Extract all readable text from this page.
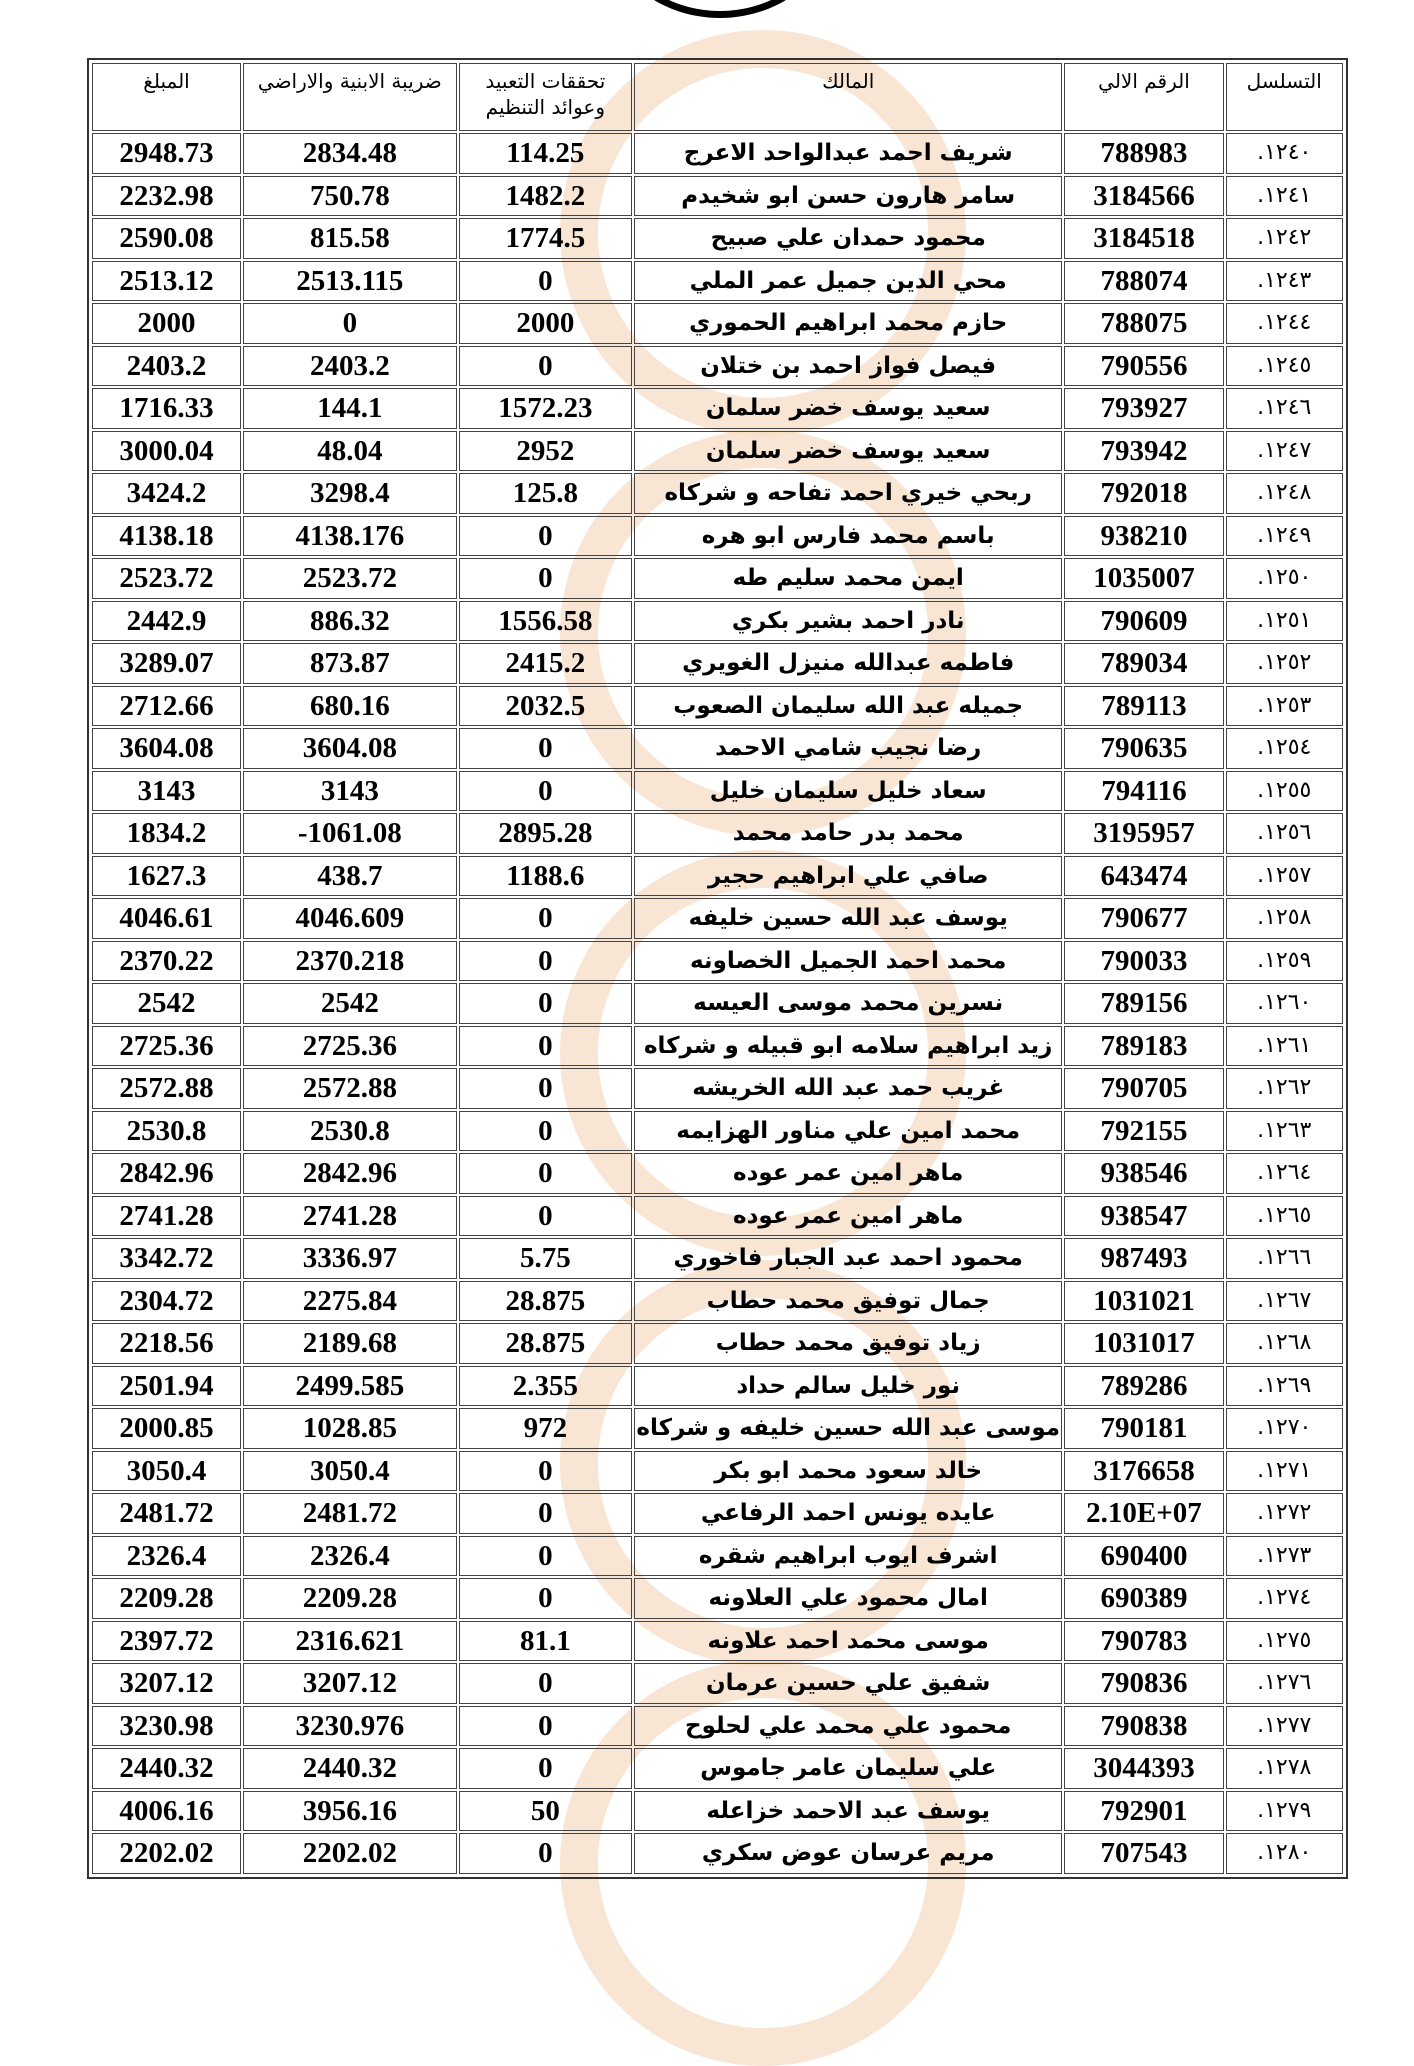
التسلسل	الرقم الالي	المالك	تحققات التعبيد وعوائد التنظيم	ضريبة الابنية والاراضي	المبلغ
١٢٤٠.	788983	شريف احمد عبدالواحد الاعرج	114.25	2834.48	2948.73
١٢٤١.	3184566	سامر هارون حسن ابو شخيدم	1482.2	750.78	2232.98
١٢٤٢.	3184518	محمود حمدان علي صبيح	1774.5	815.58	2590.08
١٢٤٣.	788074	محي الدين جميل عمر الملي	0	2513.115	2513.12
١٢٤٤.	788075	حازم محمد ابراهيم الحموري	2000	0	2000
١٢٤٥.	790556	فيصل فواز احمد بن ختلان	0	2403.2	2403.2
١٢٤٦.	793927	سعيد يوسف خضر سلمان	1572.23	144.1	1716.33
١٢٤٧.	793942	سعيد يوسف خضر سلمان	2952	48.04	3000.04
١٢٤٨.	792018	ربحي خيري احمد تفاحه و شركاه	125.8	3298.4	3424.2
١٢٤٩.	938210	باسم محمد فارس ابو هره	0	4138.176	4138.18
١٢٥٠.	1035007	ايمن محمد سليم طه	0	2523.72	2523.72
١٢٥١.	790609	نادر احمد بشير بكري	1556.58	886.32	2442.9
١٢٥٢.	789034	فاطمه عبدالله منيزل الغويري	2415.2	873.87	3289.07
١٢٥٣.	789113	جميله عبد الله سليمان الصعوب	2032.5	680.16	2712.66
١٢٥٤.	790635	رضا نجيب شامي الاحمد	0	3604.08	3604.08
١٢٥٥.	794116	سعاد خليل سليمان خليل	0	3143	3143
١٢٥٦.	3195957	محمد بدر حامد محمد	2895.28	-1061.08	1834.2
١٢٥٧.	643474	صافي علي ابراهيم حجير	1188.6	438.7	1627.3
١٢٥٨.	790677	يوسف عبد الله حسين خليفه	0	4046.609	4046.61
١٢٥٩.	790033	محمد احمد الجميل الخصاونه	0	2370.218	2370.22
١٢٦٠.	789156	نسرين محمد موسى العيسه	0	2542	2542
١٢٦١.	789183	زيد ابراهيم سلامه ابو قبيله و شركاه	0	2725.36	2725.36
١٢٦٢.	790705	غريب حمد عبد الله الخريشه	0	2572.88	2572.88
١٢٦٣.	792155	محمد امين علي مناور الهزايمه	0	2530.8	2530.8
١٢٦٤.	938546	ماهر امين عمر عوده	0	2842.96	2842.96
١٢٦٥.	938547	ماهر امين عمر عوده	0	2741.28	2741.28
١٢٦٦.	987493	محمود احمد عبد الجبار فاخوري	5.75	3336.97	3342.72
١٢٦٧.	1031021	جمال توفيق محمد حطاب	28.875	2275.84	2304.72
١٢٦٨.	1031017	زياد توفيق محمد حطاب	28.875	2189.68	2218.56
١٢٦٩.	789286	نور خليل سالم حداد	2.355	2499.585	2501.94
١٢٧٠.	790181	موسى عبد الله حسين خليفه و شركاه	972	1028.85	2000.85
١٢٧١.	3176658	خالد سعود محمد ابو بكر	0	3050.4	3050.4
١٢٧٢.	2.10E+07	عايده يونس احمد الرفاعي	0	2481.72	2481.72
١٢٧٣.	690400	اشرف ايوب ابراهيم شقره	0	2326.4	2326.4
١٢٧٤.	690389	امال محمود علي العلاونه	0	2209.28	2209.28
١٢٧٥.	790783	موسى محمد احمد علاونه	81.1	2316.621	2397.72
١٢٧٦.	790836	شفيق علي حسين عرمان	0	3207.12	3207.12
١٢٧٧.	790838	محمود علي محمد علي لحلوح	0	3230.976	3230.98
١٢٧٨.	3044393	علي سليمان عامر جاموس	0	2440.32	2440.32
١٢٧٩.	792901	يوسف عبد الاحمد خزاعله	50	3956.16	4006.16
١٢٨٠.	707543	مريم عرسان عوض سكري	0	2202.02	2202.02
